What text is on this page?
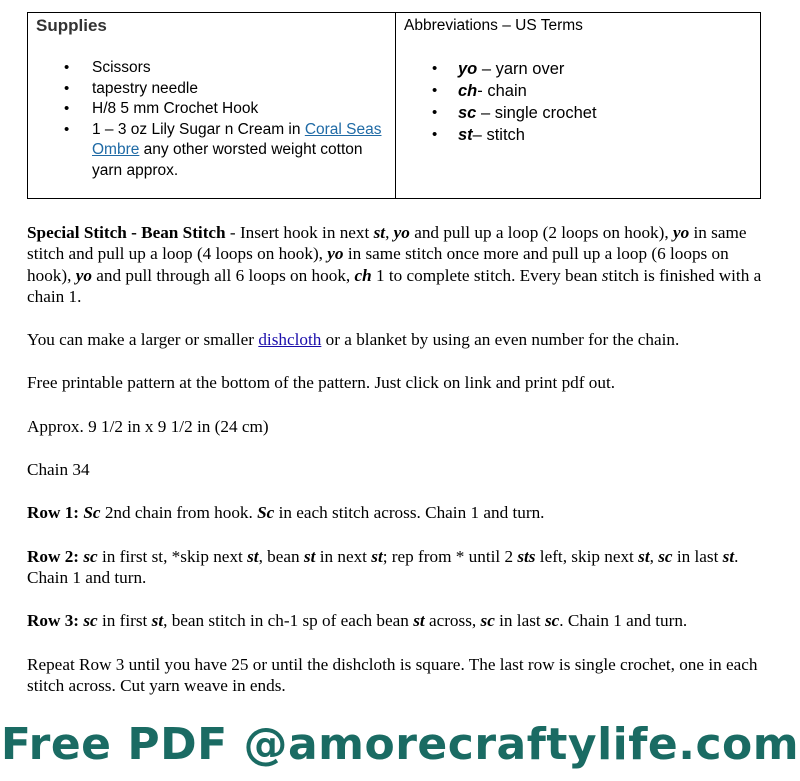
Supplies

• Scissors
• tapestry needle
• H/8 5 mm Crochet Hook
• 1 – 3 oz Lily Sugar n Cream in Coral Seas Ombre any other worsted weight cotton yarn approx.

Abbreviations – US Terms

• yo – yarn over
• ch- chain
• sc – single crochet
• st– stitch

Special Stitch - Bean Stitch - Insert hook in next st, yo and pull up a loop (2 loops on hook), yo in same stitch and pull up a loop (4 loops on hook), yo in same stitch once more and pull up a loop (6 loops on hook), yo and pull through all 6 loops on hook, ch 1 to complete stitch. Every bean stitch is finished with a chain 1.

You can make a larger or smaller dishcloth or a blanket by using an even number for the chain.

Free printable pattern at the bottom of the pattern. Just click on link and print pdf out.

Approx. 9 1/2 in x 9 1/2 in (24 cm)

Chain 34

Row 1: Sc 2nd chain from hook. Sc in each stitch across. Chain 1 and turn.

Row 2: sc in first st, *skip next st, bean st in next st; rep from * until 2 sts left, skip next st, sc in last st. Chain 1 and turn.

Row 3: sc in first st, bean stitch in ch-1 sp of each bean st across, sc in last sc. Chain 1 and turn.

Repeat Row 3 until you have 25 or until the dishcloth is square. The last row is single crochet, one in each stitch across. Cut yarn weave in ends.

Free PDF @amorecraftylife.com
